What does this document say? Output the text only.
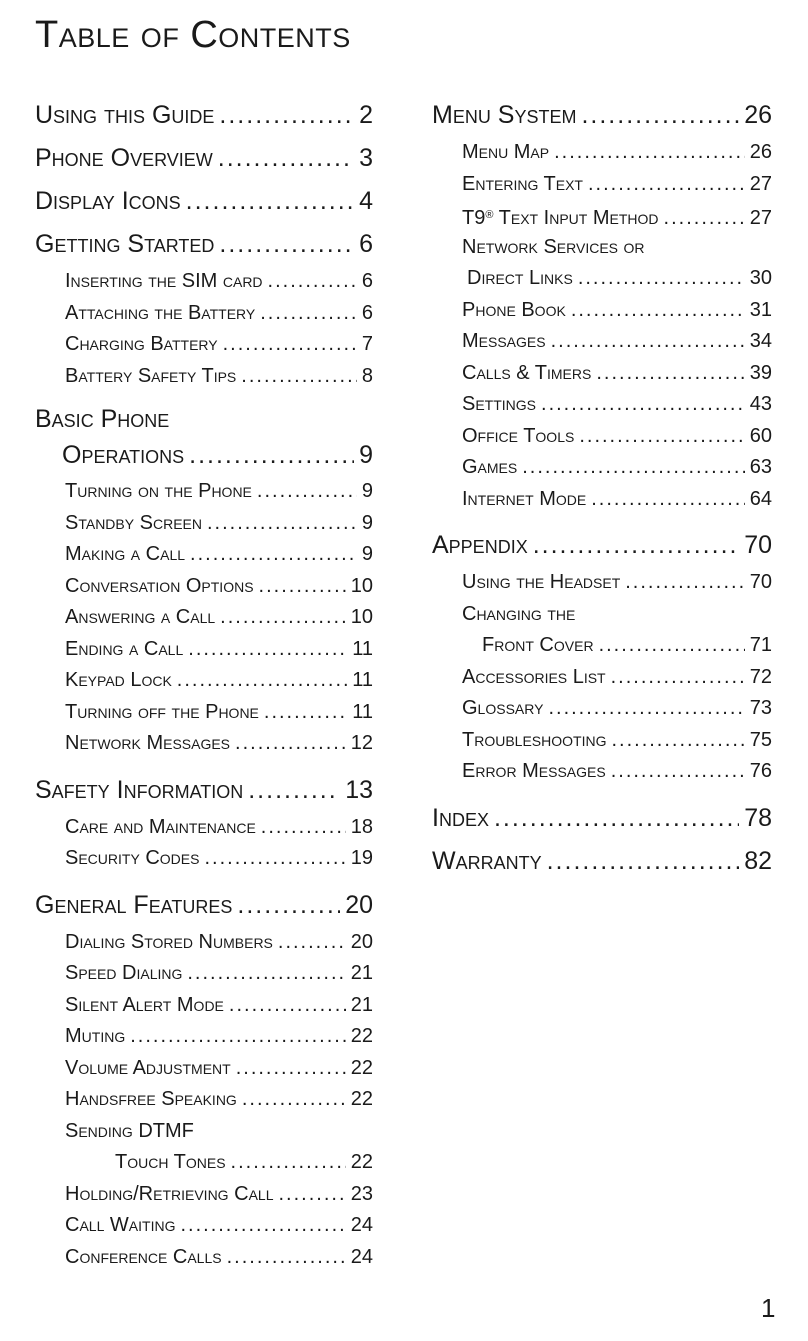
Table of Contents
Using this Guide .....	2
Phone Overview .....	3
Display Icons .....	4
Getting Started .....	6
Inserting the SIM card .....	6
Attaching the Battery .....	6
Charging Battery .....	7
Battery Safety Tips .....	8
Basic Phone
Operations .....	9
Turning on the Phone .....	9
Standby Screen .....	9
Making a Call .....	9
Conversation Options .....	10
Answering a Call .....	10
Ending a Call .....	11
Keypad Lock .....	11
Turning off the Phone .....	11
Network Messages .....	12
Safety Information .....	13
Care and Maintenance .....	18
Security Codes .....	19
General Features .....	20
Dialing Stored Numbers .....	20
Speed Dialing .....	21
Silent Alert Mode .....	21
Muting .....	22
Volume Adjustment .....	22
Handsfree Speaking .....	22
Sending DTMF
Touch Tones .....	22
Holding/Retrieving Call .....	23
Call Waiting .....	24
Conference Calls .....	24
Menu System .....	26
Menu Map .....	26
Entering Text .....	27
T9® Text Input Method .....	27
Network Services or
Direct Links .....	30
Phone Book .....	31
Messages .....	34
Calls & Timers .....	39
Settings .....	43
Office Tools .....	60
Games .....	63
Internet Mode .....	64
Appendix .....	70
Using the Headset .....	70
Changing the
Front Cover .....	71
Accessories List .....	72
Glossary .....	73
Troubleshooting .....	75
Error Messages .....	76
Index .....	78
Warranty .....	82
1
